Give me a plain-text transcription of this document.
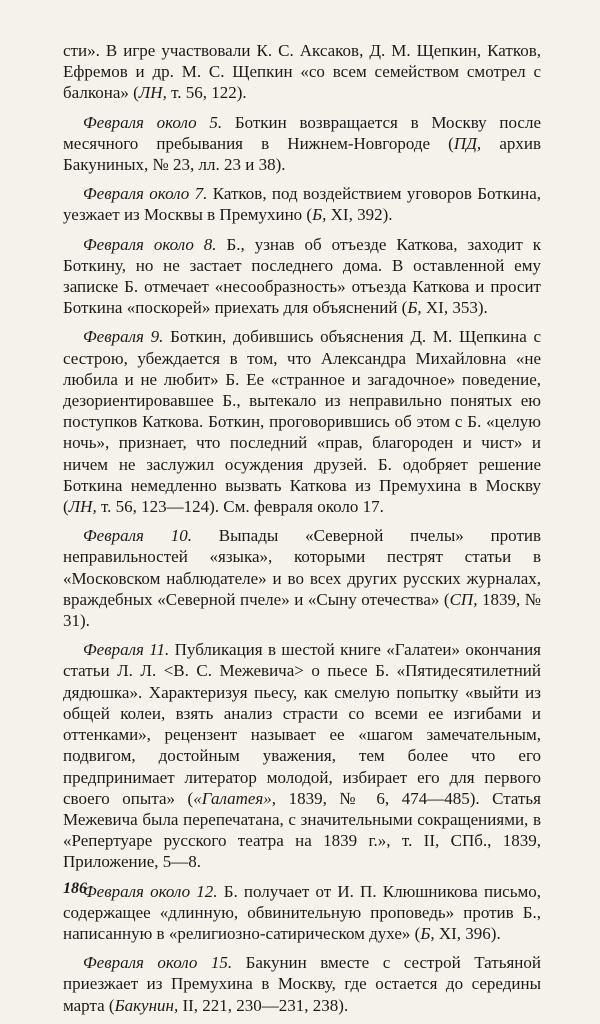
сти». В игре участвовали К. С. Аксаков, Д. М. Щепкин, Катков, Ефремов и др. М. С. Щепкин «со всем семейством смотрел с балкона» (ЛН, т. 56, 122).

Февраля около 5. Боткин возвращается в Москву после месячного пребывания в Нижнем-Новгороде (ПД, архив Бакуниных, № 23, лл. 23 и 38).

Февраля около 7. Катков, под воздействием уговоров Боткина, уезжает из Москвы в Премухино (Б, XI, 392).

Февраля около 8. Б., узнав об отъезде Каткова, заходит к Боткину, но не застает последнего дома. В оставленной ему записке Б. отмечает «несообразность» отъезда Каткова и просит Боткина «поскорей» приехать для объяснений (Б, XI, 353).

Февраля 9. Боткин, добившись объяснения Д. М. Щепкина с сестрою, убеждается в том, что Александра Михайловна «не любила и не любит» Б. Ее «странное и загадочное» поведение, дезориентировавшее Б., вытекало из неправильно понятых ею поступков Каткова. Боткин, проговорившись об этом с Б. «целую ночь», признает, что последний «прав, благороден и чист» и ничем не заслужил осуждения друзей. Б. одобряет решение Боткина немедленно вызвать Каткова из Премухина в Москву (ЛН, т. 56, 123—124). См. февраля около 17.

Февраля 10. Выпады «Северной пчелы» против неправильностей «языка», которыми пестрят статьи в «Московском наблюдателе» и во всех других русских журналах, враждебных «Северной пчеле» и «Сыну отечества» (СП, 1839, № 31).

Февраля 11. Публикация в шестой книге «Галатеи» окончания статьи Л. Л. <В. С. Межевича> о пьесе Б. «Пятидесятилетний дядюшка». Характеризуя пьесу, как смелую попытку «выйти из общей колеи, взять анализ страсти со всеми ее изгибами и оттенками», рецензент называет ее «шагом замечательным, подвигом, достойным уважения, тем более что его предпринимает литератор молодой, избирает его для первого своего опыта» («Галатея», 1839, № 6, 474—485). Статья Межевича была перепечатана, с значительными сокращениями, в «Репертуаре русского театра на 1839 г.», т. II, СПб., 1839, Приложение, 5—8.

Февраля около 12. Б. получает от И. П. Клюшникова письмо, содержащее «длинную, обвинительную проповедь» против Б., написанную в «религиозно-сатирическом духе» (Б, XI, 396).

Февраля около 15. Бакунин вместе с сестрой Татьяной приезжает из Премухина в Москву, где остается до середины марта (Бакунин, II, 221, 230—231, 238).

186
